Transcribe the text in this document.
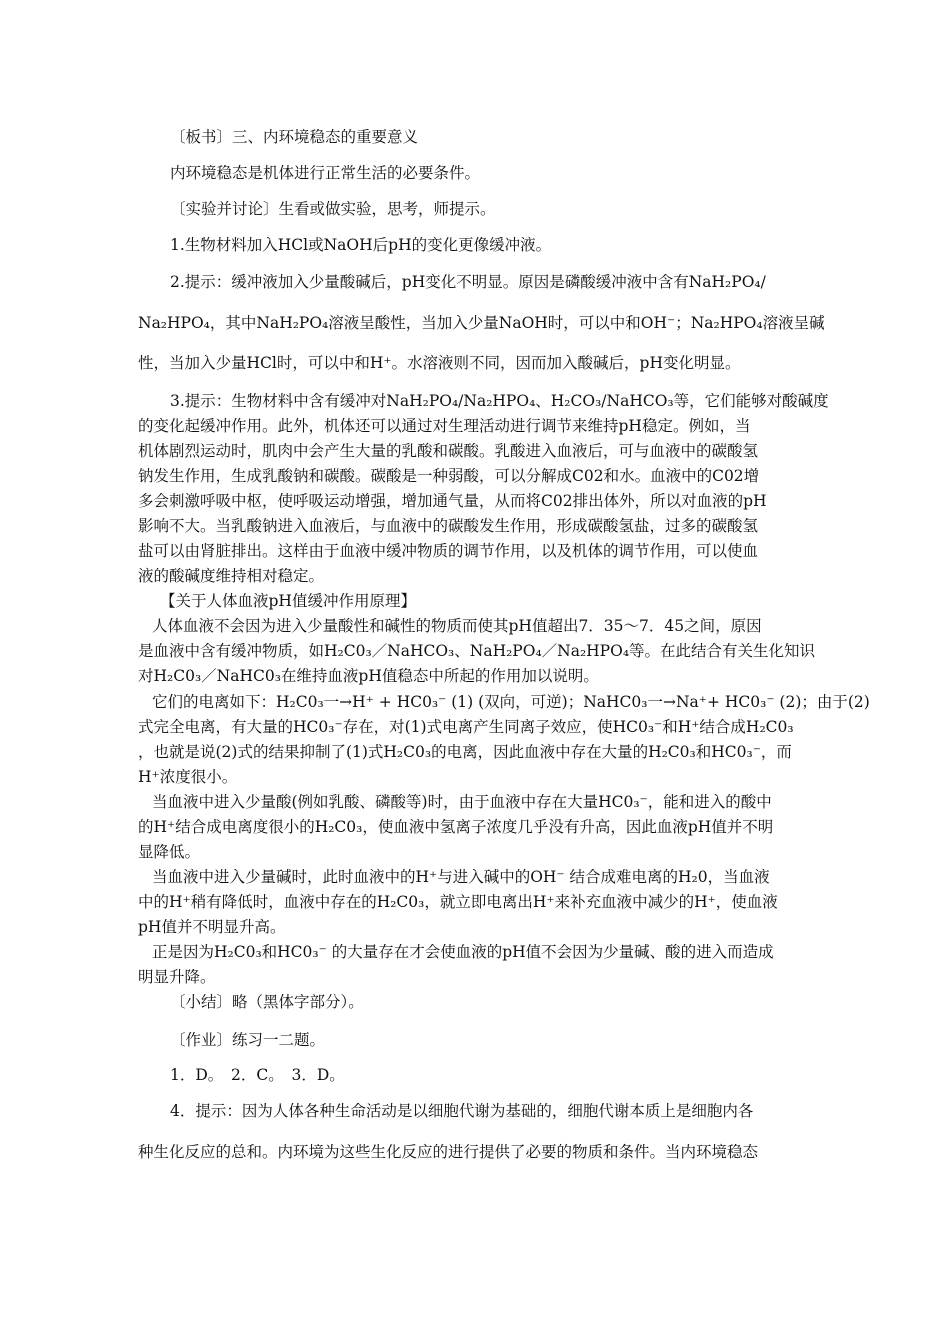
〔板书〕三、内环境稳态的重要意义
内环境稳态是机体进行正常生活的必要条件。
〔实验并讨论〕生看或做实验，思考，师提示。
1.生物材料加入HCl或NaOH后pH的变化更像缓冲液。
2.提示：缓冲液加入少量酸碱后，pH变化不明显。原因是磷酸缓冲液中含有NaH₂PO₄/
Na₂HPO₄，其中NaH₂PO₄溶液呈酸性，当加入少量NaOH时，可以中和OH⁻；Na₂HPO₄溶液呈碱
性，当加入少量HCl时，可以中和H⁺。水溶液则不同，因而加入酸碱后，pH变化明显。
3.提示：生物材料中含有缓冲对NaH₂PO₄/Na₂HPO₄、H₂CO₃/NaHCO₃等，它们能够对酸碱度
的变化起缓冲作用。此外，机体还可以通过对生理活动进行调节来维持pH稳定。例如，当
机体剧烈运动时，肌肉中会产生大量的乳酸和碳酸。乳酸进入血液后，可与血液中的碳酸氢
钠发生作用，生成乳酸钠和碳酸。碳酸是一种弱酸，可以分解成C02和水。血液中的C02增
多会刺激呼吸中枢，使呼吸运动增强，增加通气量，从而将C02排出体外，所以对血液的pH
影响不大。当乳酸钠进入血液后，与血液中的碳酸发生作用，形成碳酸氢盐，过多的碳酸氢
盐可以由肾脏排出。这样由于血液中缓冲物质的调节作用，以及机体的调节作用，可以使血
液的酸碱度维持相对稳定。
【关于人体血液pH值缓冲作用原理】
人体血液不会因为进入少量酸性和碱性的物质而使其pH值超出7．35～7．45之间，原因
是血液中含有缓冲物质，如H₂C0₃／NaHCO₃、NaH₂PO₄／Na₂HPO₄等。在此结合有关生化知识
对H₂C0₃／NaHC0₃在维持血液pH值稳态中所起的作用加以说明。
它们的电离如下：H₂C0₃一→H⁺ + HC0₃⁻ (1) (双向，可逆)；NaHC0₃一→Na⁺+ HC0₃⁻ (2)；由于(2)
式完全电离，有大量的HC0₃⁻存在，对(1)式电离产生同离子效应，使HC0₃⁻和H⁺结合成H₂C0₃
，也就是说(2)式的结果抑制了(1)式H₂C0₃的电离，因此血液中存在大量的H₂C0₃和HC0₃⁻，而
H⁺浓度很小。
当血液中进入少量酸(例如乳酸、磷酸等)时，由于血液中存在大量HC0₃⁻，能和进入的酸中
的H⁺结合成电离度很小的H₂C0₃，使血液中氢离子浓度几乎没有升高，因此血液pH值并不明
显降低。
当血液中进入少量碱时，此时血液中的H⁺与进入碱中的OH⁻ 结合成难电离的H₂0，当血液
中的H⁺稍有降低时，血液中存在的H₂C0₃，就立即电离出H⁺来补充血液中减少的H⁺，使血液
pH值并不明显升高。
正是因为H₂C0₃和HC0₃⁻ 的大量存在才会使血液的pH值不会因为少量碱、酸的进入而造成
明显升降。
〔小结〕略（黑体字部分）。
〔作业〕练习一二题。
1．D。　2．C。　3．D。
4．提示：因为人体各种生命活动是以细胞代谢为基础的，细胞代谢本质上是细胞内各
种生化反应的总和。内环境为这些生化反应的进行提供了必要的物质和条件。当内环境稳态
